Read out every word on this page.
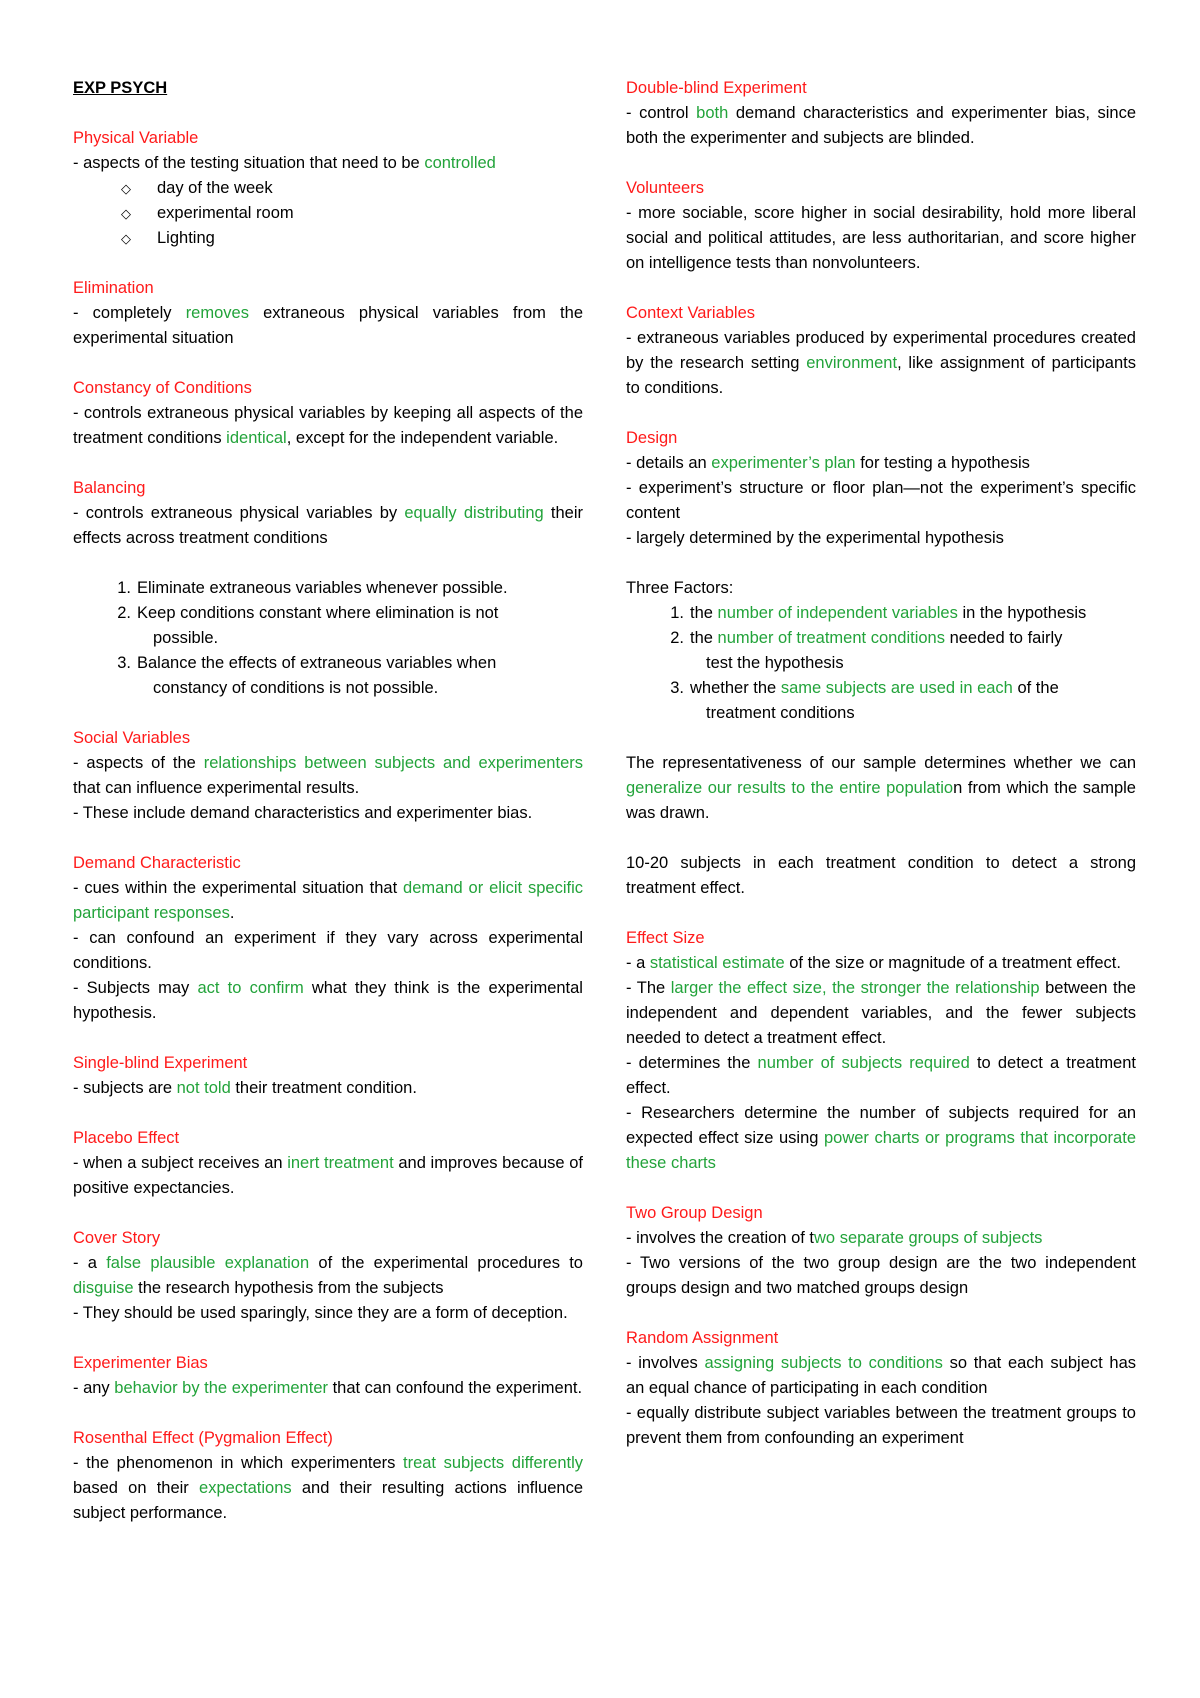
EXP PSYCH
Physical Variable
- aspects of the testing situation that need to be controlled
◇ day of the week
◇ experimental room
◇ Lighting
Elimination
- completely removes extraneous physical variables from the experimental situation
Constancy of Conditions
- controls extraneous physical variables by keeping all aspects of the treatment conditions identical, except for the independent variable.
Balancing
- controls extraneous physical variables by equally distributing their effects across treatment conditions
1. Eliminate extraneous variables whenever possible.
2. Keep conditions constant where elimination is not
possible.
3. Balance the effects of extraneous variables when
constancy of conditions is not possible.
Social Variables
- aspects of the relationships between subjects and experimenters that can influence experimental results.
- These include demand characteristics and experimenter bias.
Demand Characteristic
- cues within the experimental situation that demand or elicit specific participant responses.
- can confound an experiment if they vary across experimental conditions.
- Subjects may act to confirm what they think is the experimental hypothesis.
Single-blind Experiment
- subjects are not told their treatment condition.
Placebo Effect
- when a subject receives an inert treatment and improves because of positive expectancies.
Cover Story
- a false plausible explanation of the experimental procedures to disguise the research hypothesis from the subjects
- They should be used sparingly, since they are a form of deception.
Experimenter Bias
- any behavior by the experimenter that can confound the experiment.
Rosenthal Effect (Pygmalion Effect)
- the phenomenon in which experimenters treat subjects differently based on their expectations and their resulting actions influence subject performance.
Double-blind Experiment
- control both demand characteristics and experimenter bias, since both the experimenter and subjects are blinded.
Volunteers
- more sociable, score higher in social desirability, hold more liberal social and political attitudes, are less authoritarian, and score higher on intelligence tests than nonvolunteers.
Context Variables
- extraneous variables produced by experimental procedures created by the research setting environment, like assignment of participants to conditions.
Design
- details an experimenter’s plan for testing a hypothesis
- experiment’s structure or floor plan—not the experiment’s specific content
- largely determined by the experimental hypothesis
Three Factors:
1. the number of independent variables in the hypothesis
2. the number of treatment conditions needed to fairly
test the hypothesis
3. whether the same subjects are used in each of the
treatment conditions
The representativeness of our sample determines whether we can generalize our results to the entire population from which the sample was drawn.
10-20 subjects in each treatment condition to detect a strong treatment effect.
Effect Size
- a statistical estimate of the size or magnitude of a treatment effect.
- The larger the effect size, the stronger the relationship between the independent and dependent variables, and the fewer subjects needed to detect a treatment effect.
- determines the number of subjects required to detect a treatment effect.
- Researchers determine the number of subjects required for an expected effect size using power charts or programs that incorporate these charts
Two Group Design
- involves the creation of two separate groups of subjects
- Two versions of the two group design are the two independent groups design and two matched groups design
Random Assignment
- involves assigning subjects to conditions so that each subject has an equal chance of participating in each condition
- equally distribute subject variables between the treatment groups to prevent them from confounding an experiment
